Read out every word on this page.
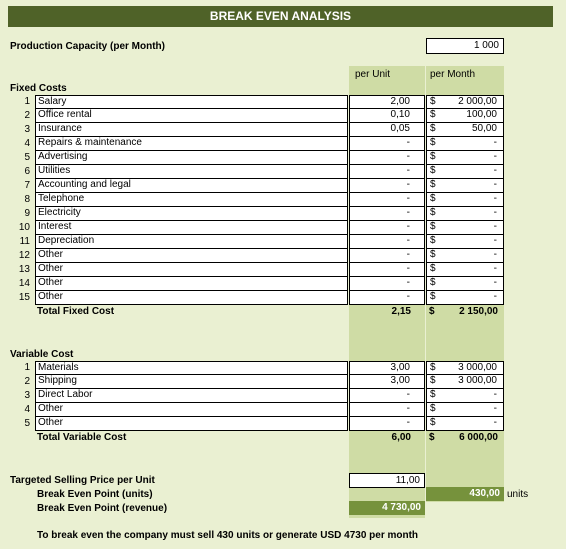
BREAK EVEN ANALYSIS
Production Capacity (per Month)	1 000
per Unit	per Month
Fixed Costs
1 Salary	2,00	$ 2 000,00
2 Office rental	0,10	$	100,00
3 Insurance	0,05	$	50,00
4 Repairs & maintenance	-	$	-
5 Advertising	-	$	-
6 Utilities	-	$	-
7 Accounting and legal	-	$	-
8 Telephone	-	$	-
9 Electricity	-	$	-
10 Interest	-	$	-
11 Depreciation	-	$	-
12 Other	-	$	-
13 Other	-	$	-
14 Other	-	$	-
15 Other	-	$	-
Total Fixed Cost	2,15 $	2 150,00
Variable Cost
1 Materials	3,00	$ 3 000,00
2 Shipping	3,00	$ 3 000,00
3 Direct Labor	-	$	-
4 Other	-	$	-
5 Other	-	$	-
Total Variable Cost	6,00 $	6 000,00
Targeted Selling Price per Unit	11,00
Break Even Point (units)	430,00 units
Break Even Point (revenue)	4 730,00
To break even the company must sell 430 units or generate USD 4730 per month
